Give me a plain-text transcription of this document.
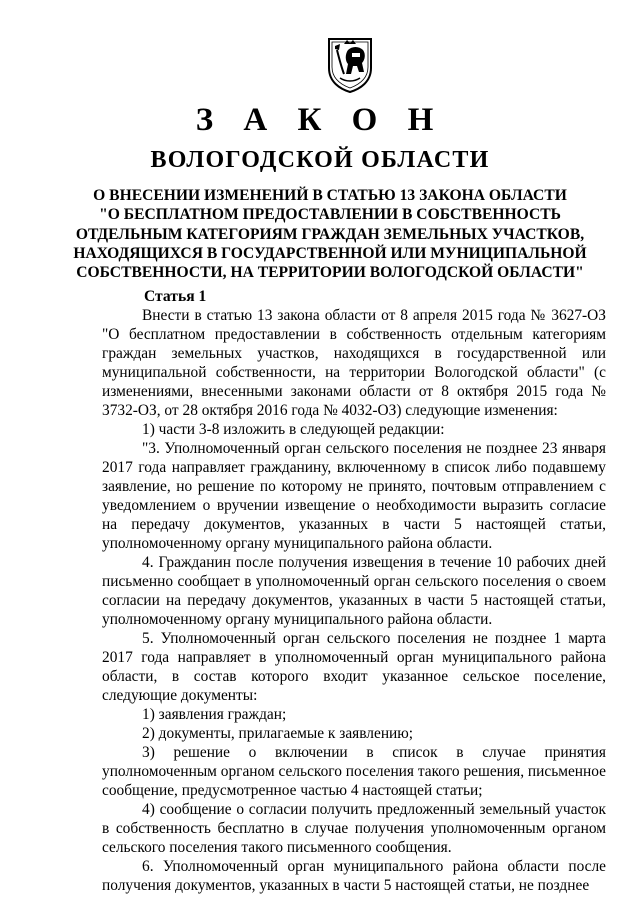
З А К О Н
ВОЛОГОДСКОЙ ОБЛАСТИ
О ВНЕСЕНИИ ИЗМЕНЕНИЙ В СТАТЬЮ 13 ЗАКОНА ОБЛАСТИ
"О БЕСПЛАТНОМ ПРЕДОСТАВЛЕНИИ В СОБСТВЕННОСТЬ
ОТДЕЛЬНЫМ КАТЕГОРИЯМ ГРАЖДАН ЗЕМЕЛЬНЫХ УЧАСТКОВ,
НАХОДЯЩИХСЯ В ГОСУДАРСТВЕННОЙ ИЛИ МУНИЦИПАЛЬНОЙ
СОБСТВЕННОСТИ, НА ТЕРРИТОРИИ ВОЛОГОДСКОЙ ОБЛАСТИ"
Статья 1

Внести в статью 13 закона области от 8 апреля 2015 года № 3627-ОЗ "О бесплатном предоставлении в собственность отдельным категориям граждан земельных участков, находящихся в государственной или муниципальной собственности, на территории Вологодской области" (с изменениями, внесенными законами области от 8 октября 2015 года № 3732-ОЗ, от 28 октября 2016 года № 4032-ОЗ) следующие изменения:

1) части 3-8 изложить в следующей редакции:

"3. Уполномоченный орган сельского поселения не позднее 23 января 2017 года направляет гражданину, включенному в список либо подавшему заявление, но решение по которому не принято, почтовым отправлением с уведомлением о вручении извещение о необходимости выразить согласие на передачу документов, указанных в части 5 настоящей статьи, уполномоченному органу муниципального района области.

4. Гражданин после получения извещения в течение 10 рабочих дней письменно сообщает в уполномоченный орган сельского поселения о своем согласии на передачу документов, указанных в части 5 настоящей статьи, уполномоченному органу муниципального района области.

5. Уполномоченный орган сельского поселения не позднее 1 марта 2017 года направляет в уполномоченный орган муниципального района области, в состав которого входит указанное сельское поселение, следующие документы:

1) заявления граждан;

2) документы, прилагаемые к заявлению;

3) решение о включении в список в случае принятия уполномоченным органом сельского поселения такого решения, письменное сообщение, предусмотренное частью 4 настоящей статьи;

4) сообщение о согласии получить предложенный земельный участок в собственность бесплатно в случае получения уполномоченным органом сельского поселения такого письменного сообщения.

6. Уполномоченный орган муниципального района области после получения документов, указанных в части 5 настоящей статьи, не позднее
